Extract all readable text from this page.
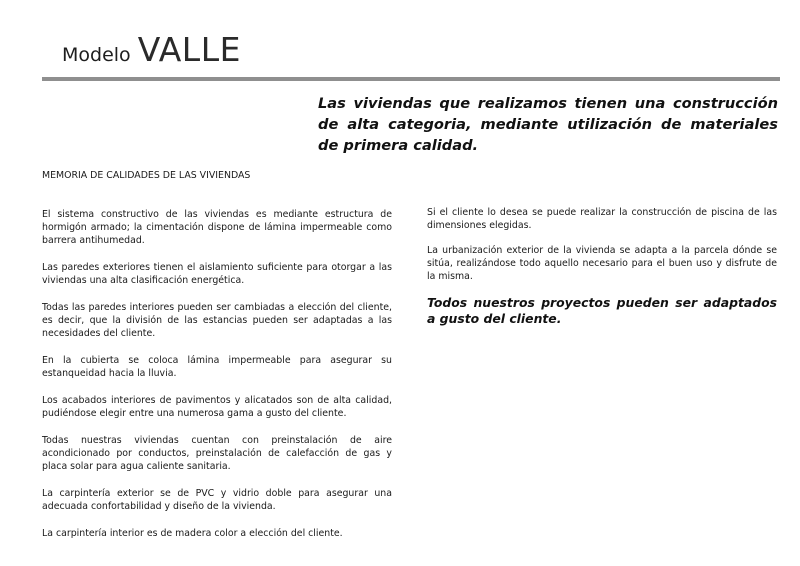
Modelo VALLE

Las viviendas que realizamos tienen una construcción de alta categoria, mediante utilización de materiales de primera calidad.

MEMORIA DE CALIDADES DE LAS VIVIENDAS

El sistema constructivo de las viviendas es mediante estructura de hormigón armado; la cimentación dispone de lámina impermeable como barrera antihumedad.

Las paredes exteriores tienen el aislamiento suficiente para otorgar a las viviendas una alta clasificación energética.

Todas las paredes interiores pueden ser cambiadas a elección del cliente, es decir, que la división de las estancias pueden ser adaptadas a las necesidades del cliente.

En la cubierta se coloca lámina impermeable para asegurar su estanqueidad hacia la lluvia.

Los acabados interiores de pavimentos y alicatados son de alta calidad, pudiéndose elegir entre una numerosa gama a gusto del cliente.

Todas nuestras viviendas cuentan con preinstalación de aire acondicionado por conductos, preinstalación de calefacción de gas y placa solar para agua caliente sanitaria.

La carpintería exterior se de PVC y vidrio doble para asegurar una adecuada confortabilidad y diseño de la vivienda.

La carpintería interior es de madera color a elección del cliente.

Si el cliente lo desea se puede realizar la construcción de piscina de las dimensiones elegidas.

La urbanización exterior de la vivienda se adapta a la parcela dónde se sitúa, realizándose todo aquello necesario para el buen uso y disfrute de la misma.

Todos nuestros proyectos pueden ser adaptados a gusto del cliente.
